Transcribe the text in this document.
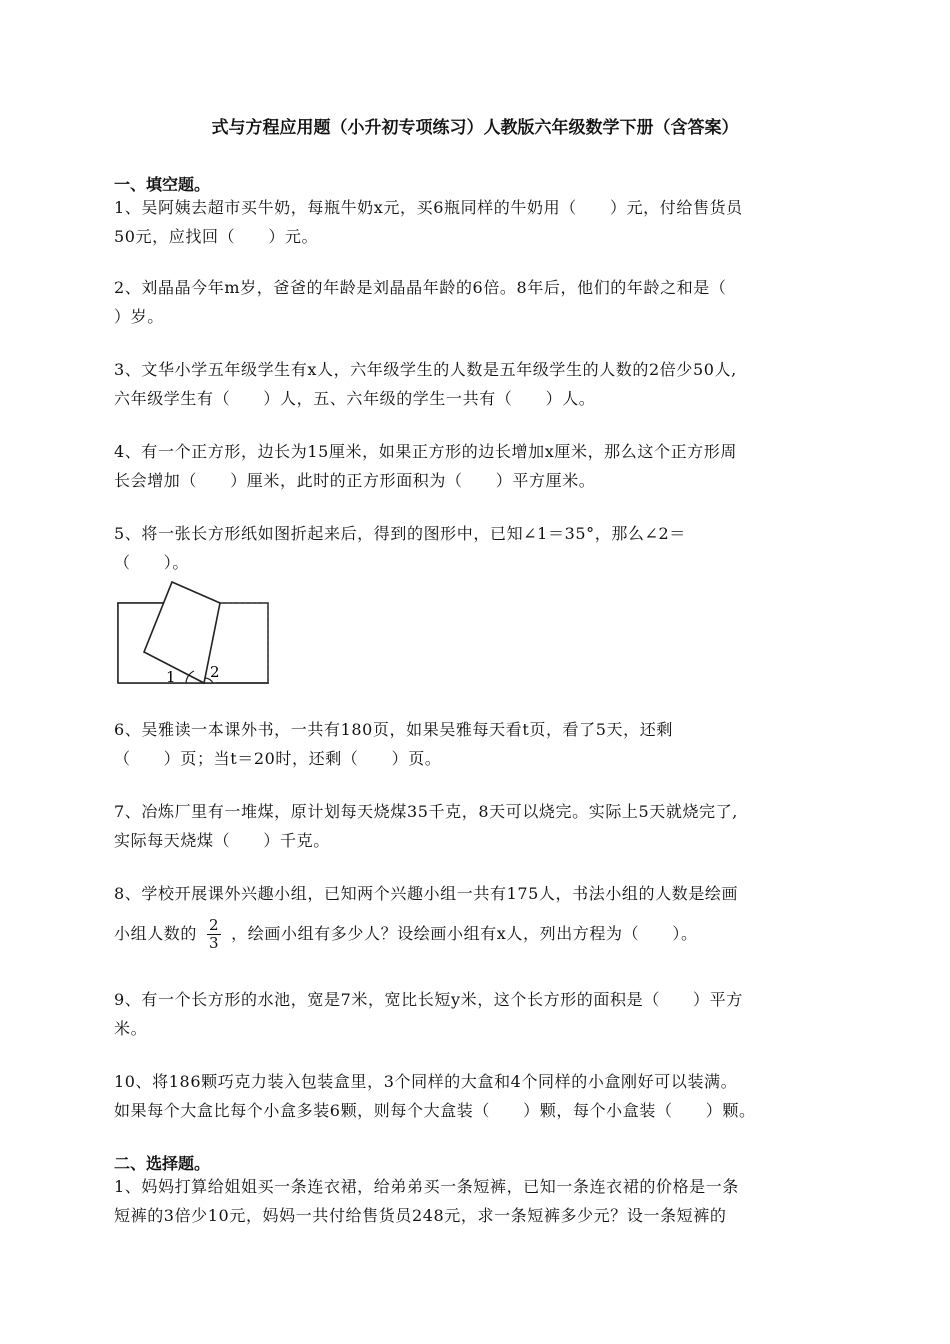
式与方程应用题（小升初专项练习）人教版六年级数学下册（含答案）
一、填空题。
1、吴阿姨去超市买牛奶，每瓶牛奶x元，买6瓶同样的牛奶用（　　）元，付给售货员
50元，应找回（　　）元。
2、刘晶晶今年m岁，爸爸的年龄是刘晶晶年龄的6倍。8年后，他们的年龄之和是（
）岁。
3、文华小学五年级学生有x人，六年级学生的人数是五年级学生的人数的2倍少50人,
六年级学生有（　　）人，五、六年级的学生一共有（　　）人。
4、有一个正方形，边长为15厘米，如果正方形的边长增加x厘米，那么这个正方形周
长会增加（　　）厘米，此时的正方形面积为（　　）平方厘米。
5、将一张长方形纸如图折起来后，得到的图形中，已知∠1＝35°，那么∠2＝
（　　）。
1 2
6、吴雅读一本课外书，一共有180页，如果吴雅每天看t页，看了5天，还剩
（　　）页；当t＝20时，还剩（　　）页。
7、冶炼厂里有一堆煤，原计划每天烧煤35千克，8天可以烧完。实际上5天就烧完了,
实际每天烧煤（　　）千克。
8、学校开展课外兴趣小组，已知两个兴趣小组一共有175人，书法小组的人数是绘画
小组人数的 $\frac{2}{3}$ ，绘画小组有多少人？设绘画小组有x人，列出方程为（　　）。
9、有一个长方形的水池，宽是7米，宽比长短y米，这个长方形的面积是（　　）平方
米。
10、将186颗巧克力装入包装盒里，3个同样的大盒和4个同样的小盒刚好可以装满。
如果每个大盒比每个小盒多装6颗，则每个大盒装（　　）颗，每个小盒装（　　）颗。
二、选择题。
1、妈妈打算给姐姐买一条连衣裙，给弟弟买一条短裤，已知一条连衣裙的价格是一条
短裤的3倍少10元，妈妈一共付给售货员248元，求一条短裤多少元？设一条短裤的
